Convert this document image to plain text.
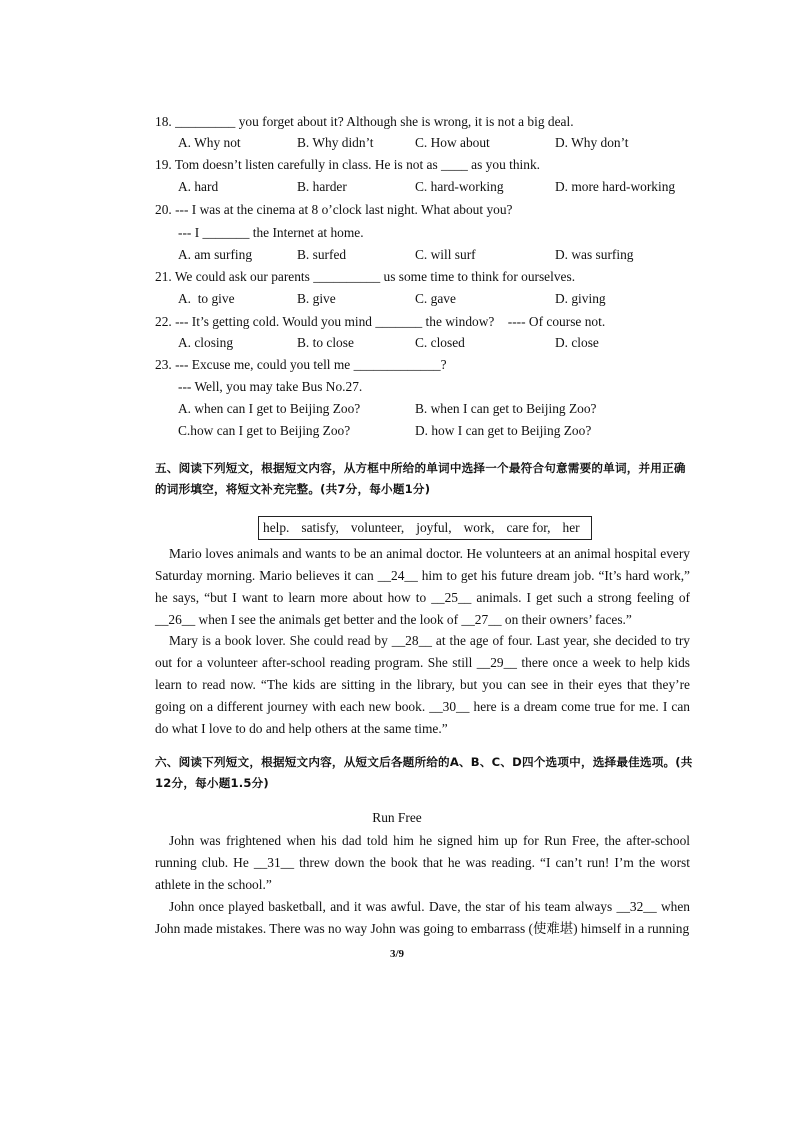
18. _________ you forget about it? Although she is wrong, it is not a big deal.
A. Why not	B. Why didn’t	C. How about	D. Why don’t
19. Tom doesn’t listen carefully in class. He is not as ____ as you think.
A. hard	B. harder	C. hard-working	D. more hard-working
20. --- I was at the cinema at 8 o’clock last night. What about you?
--- I _______ the Internet at home.
A. am surfing	B. surfed	C. will surf	D. was surfing
21. We could ask our parents __________ us some time to think for ourselves.
A.  to give	B. give	C. gave	D. giving
22. --- It’s getting cold. Would you mind _______ the window?    ---- Of course not.
A. closing	B. to close	C. closed	D. close
23. --- Excuse me, could you tell me _____________?
--- Well, you may take Bus No.27.
A. when can I get to Beijing Zoo?	B. when I can get to Beijing Zoo?
C.how can I get to Beijing Zoo?	D. how I can get to Beijing Zoo?
五、阅读下列短文，根据短文内容，从方框中所给的单词中选择一个最符合句意需要的单词，并用正确的词形填空，将短文补充完整。(共7分，每小题1分)
help. satisfy, volunteer, joyful, work, care for, her
Mario loves animals and wants to be an animal doctor. He volunteers at an animal hospital every Saturday morning. Mario believes it can __24__ him to get his future dream job. “It’s hard work,” he says, “but I want to learn more about how to __25__ animals. I get such a strong feeling of __26__ when I see the animals get better and the look of __27__ on their owners’ faces.”
Mary is a book lover. She could read by __28__ at the age of four. Last year, she decided to try out for a volunteer after-school reading program. She still __29__ there once a week to help kids learn to read now. “The kids are sitting in the library, but you can see in their eyes that they’re going on a different journey with each new book. __30__ here is a dream come true for me. I can do what I love to do and help others at the same time.”
六、阅读下列短文，根据短文内容，从短文后各题所给的A、B、C、D四个选项中，选择最佳选项。(共12分，每小题1.5分)
Run Free
John was frightened when his dad told him he signed him up for Run Free, the after-school running club. He __31__ threw down the book that he was reading. “I can’t run! I’m the worst athlete in the school.”
John once played basketball, and it was awful. Dave, the star of his team always __32__ when John made mistakes. There was no way John was going to embarrass (使难堪) himself in a running
3/9
